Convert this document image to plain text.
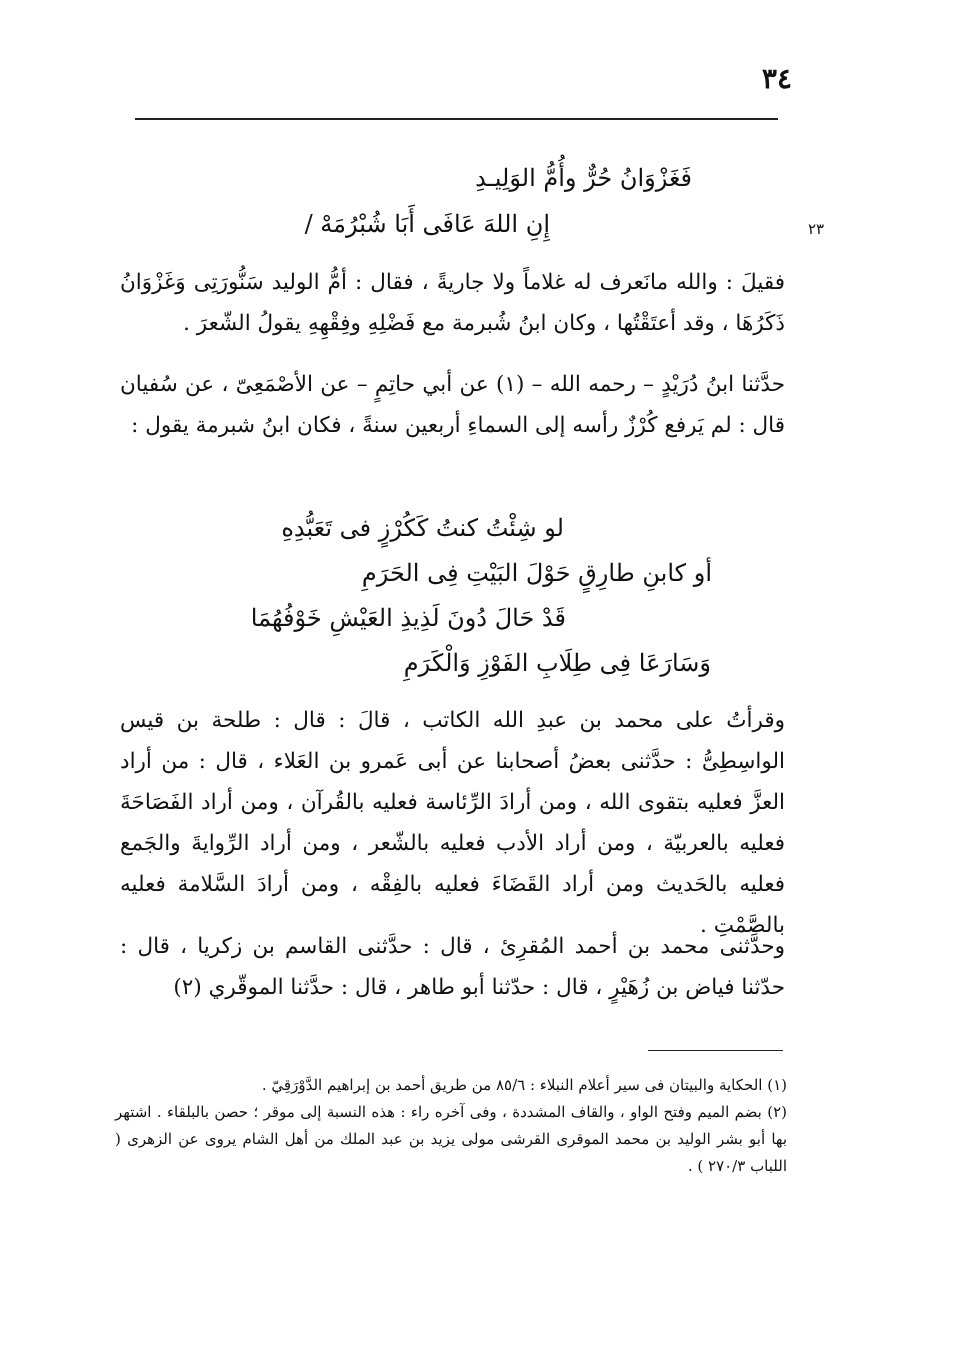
٣٤
٢٣
فَغَزْوَانُ حُرٌّ وأُمُّ الوَلِيـدِ
إِنِ اللهَ عَافَى أَبَا شُبْرُمَهْ /

فقيلَ : والله مانَعرف له غلاماً ولا جاريةً ، فقال : أمُّ الوليد سَنُّورَتِى وَغَزْوَانُ ذَكَرُهَا ، وقد أعتَقْتُها ، وكان ابنُ شُبرمة مع فَضْلِهِ وفِقْهِهِ يقولُ الشّعرَ .

حدَّثنا ابنُ دُرَيْدٍ – رحمه الله – (١) عن أبي حاتِمٍ – عن الأصْمَعِىّ ، عن سُفيان قال : لم يَرفع كُرْزٌ رأسه إلى السماءِ أربعين سنةً ، فكان ابنُ شبرمة يقول :

لو شِئْتُ كنتُ كَكُرْزٍ فى تَعَبُّدِهِ
أو كابنِ طارِقٍ حَوْلَ البَيْتِ فِى الحَرَمِ
قَدْ حَالَ دُونَ لَذِيذِ العَيْشِ خَوْفُهُمَا
وَسَارَعَا فِى طِلَابِ الفَوْزِ وَالْكَرَمِ

وقرأتُ على محمد بن عبدِ الله الكاتب ، قالَ : قال : طلحة بن قيس الواسِطِىُّ : حدَّثنى بعضُ أصحابنا عن أبى عَمرو بن العَلاء ، قال : من أراد العزَّ فعليه بتقوى الله ، ومن أرادَ الرِّئاسة فعليه بالقُرآن ، ومن أراد الفَصَاحَةَ فعليه بالعربيّة ، ومن أراد الأدب فعليه بالشّعر ، ومن أراد الرِّوايةَ والجَمع فعليه بالحَديث ومن أراد القَضَاءَ فعليه بالفِقْه ، ومن أرادَ السَّلامة فعليه بالصَّمْتِ .

وحدَّثنى محمد بن أحمد المُقرِئ ، قال : حدَّثنى القاسم بن زكريا ، قال : حدّثنا فياض بن زُهَيْرٍ ، قال : حدّثنا أبو طاهر ، قال : حدَّثنا الموقّري (٢)

(١) الحكاية والبيتان فى سير أعلام النبلاء : ٨٥/٦ من طريق أحمد بن إبراهيم الدَّوْرَقِيّ .

(٢) بضم الميم وفتح الواو ، والقاف المشددة ، وفى آخره راء : هذه النسبة إلى موقر ؛ حصن بالبلقاء . اشتهر بها أبو بشر الوليد بن محمد الموقرى القرشى مولى يزيد بن عبد الملك من أهل الشام يروى عن الزهرى ( اللباب ٢٧٠/٣ ) .
